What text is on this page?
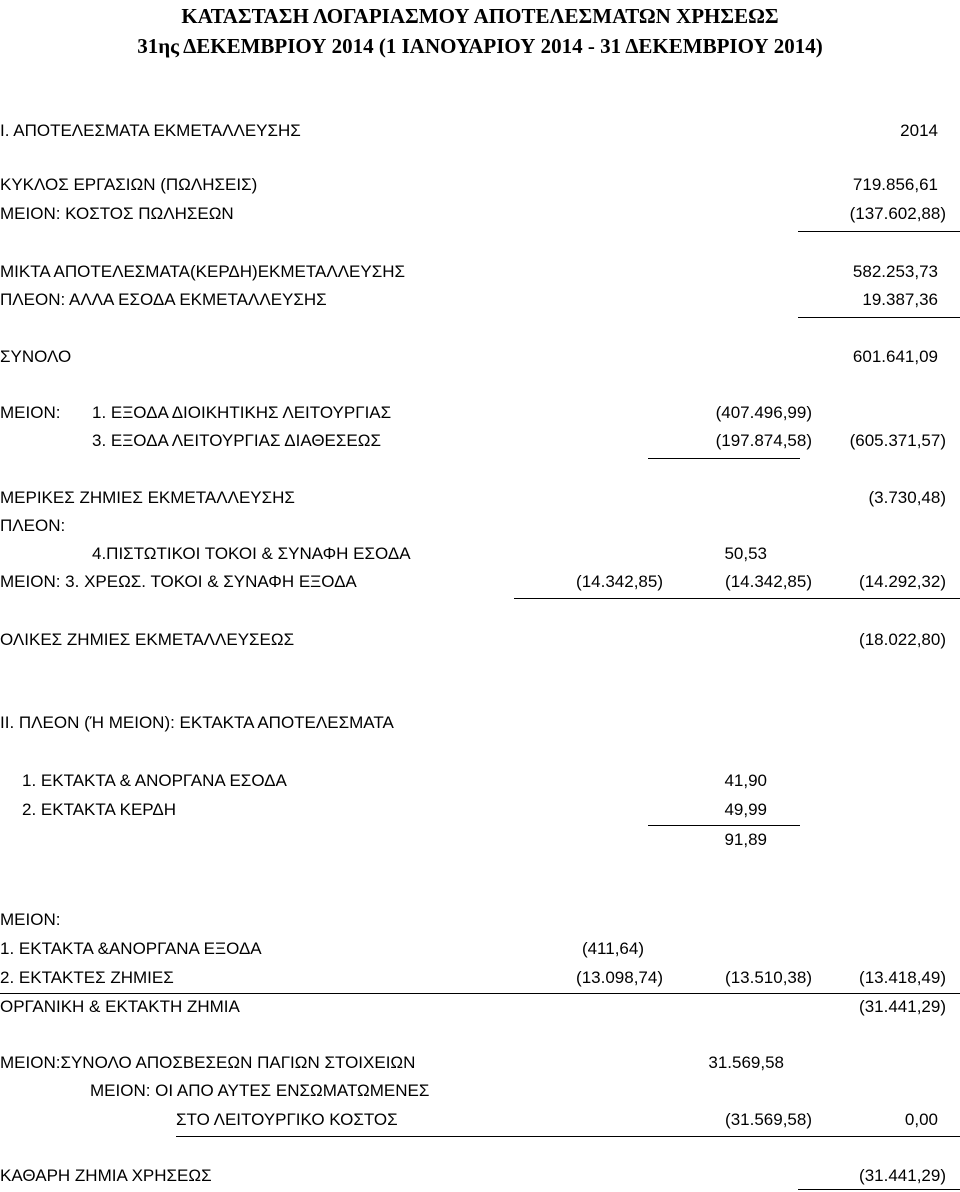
ΚΑΤΑΣΤΑΣΗ ΛΟΓΑΡΙΑΣΜΟΥ ΑΠΟΤΕΛΕΣΜΑΤΩΝ ΧΡΗΣΕΩΣ
31ης ΔΕΚΕΜΒΡΙΟΥ 2014 (1 ΙΑΝΟΥΑΡΙΟΥ 2014 - 31 ΔΕΚΕΜΒΡΙΟΥ 2014)
Ι. ΑΠΟΤΕΛΕΣΜΑΤΑ ΕΚΜΕΤΑΛΛΕΥΣΗΣ	2014
ΚΥΚΛΟΣ ΕΡΓΑΣΙΩΝ (ΠΩΛΗΣΕΙΣ)	719.856,61
ΜΕΙΟΝ: ΚΟΣΤΟΣ ΠΩΛΗΣΕΩΝ	(137.602,88)
ΜΙΚΤΑ ΑΠΟΤΕΛΕΣΜΑΤΑ(ΚΕΡΔΗ)ΕΚΜΕΤΑΛΛΕΥΣΗΣ	582.253,73
ΠΛΕΟΝ: ΑΛΛΑ ΕΣΟΔΑ ΕΚΜΕΤΑΛΛΕΥΣΗΣ	19.387,36
ΣΥΝΟΛΟ	601.641,09
ΜΕΙΟΝ: 1. ΕΞΟΔΑ ΔΙΟΙΚΗΤΙΚΗΣ ΛΕΙΤΟΥΡΓΙΑΣ	(407.496,99)
3. ΕΞΟΔΑ ΛΕΙΤΟΥΡΓΙΑΣ ΔΙΑΘΕΣΕΩΣ	(197.874,58) (605.371,57)
ΜΕΡΙΚΕΣ ΖΗΜΙΕΣ ΕΚΜΕΤΑΛΛΕΥΣΗΣ	(3.730,48)
ΠΛΕΟΝ:
4.ΠΙΣΤΩΤΙΚΟΙ ΤΟΚΟΙ & ΣΥΝΑΦΗ ΕΣΟΔΑ	50,53
ΜΕΙΟΝ: 3. ΧΡΕΩΣ. ΤΟΚΟΙ & ΣΥΝΑΦΗ ΕΞΟΔΑ	(14.342,85)	(14.342,85)	(14.292,32)
ΟΛΙΚΕΣ ΖΗΜΙΕΣ ΕΚΜΕΤΑΛΛΕΥΣΕΩΣ	(18.022,80)
ΙΙ. ΠΛΕΟΝ (Ή ΜΕΙΟΝ): ΕΚΤΑΚΤΑ ΑΠΟΤΕΛΕΣΜΑΤΑ
1. ΕΚΤΑΚΤΑ & ΑΝΟΡΓΑΝΑ ΕΣΟΔΑ	41,90
2. ΕΚΤΑΚΤΑ ΚΕΡΔΗ	49,99
91,89
ΜΕΙΟΝ:
1. ΕΚΤΑΚΤΑ &ΑΝΟΡΓΑΝΑ ΕΞΟΔΑ	(411,64)
2. ΕΚΤΑΚΤΕΣ ΖΗΜΙΕΣ	(13.098,74)	(13.510,38)	(13.418,49)
ΟΡΓΑΝΙΚΗ & ΕΚΤΑΚΤΗ ΖΗΜΙΑ	(31.441,29)
ΜΕΙΟΝ:ΣΥΝΟΛΟ ΑΠΟΣΒΕΣΕΩΝ ΠΑΓΙΩΝ ΣΤΟΙΧΕΙΩΝ	31.569,58
ΜΕΙΟΝ: ΟΙ ΑΠΟ ΑΥΤΕΣ ΕΝΣΩΜΑΤΩΜΕΝΕΣ
ΣΤΟ ΛΕΙΤΟΥΡΓΙΚΟ ΚΟΣΤΟΣ	(31.569,58)	0,00
ΚΑΘΑΡΗ ΖΗΜΙΑ ΧΡΗΣΕΩΣ	(31.441,29)
